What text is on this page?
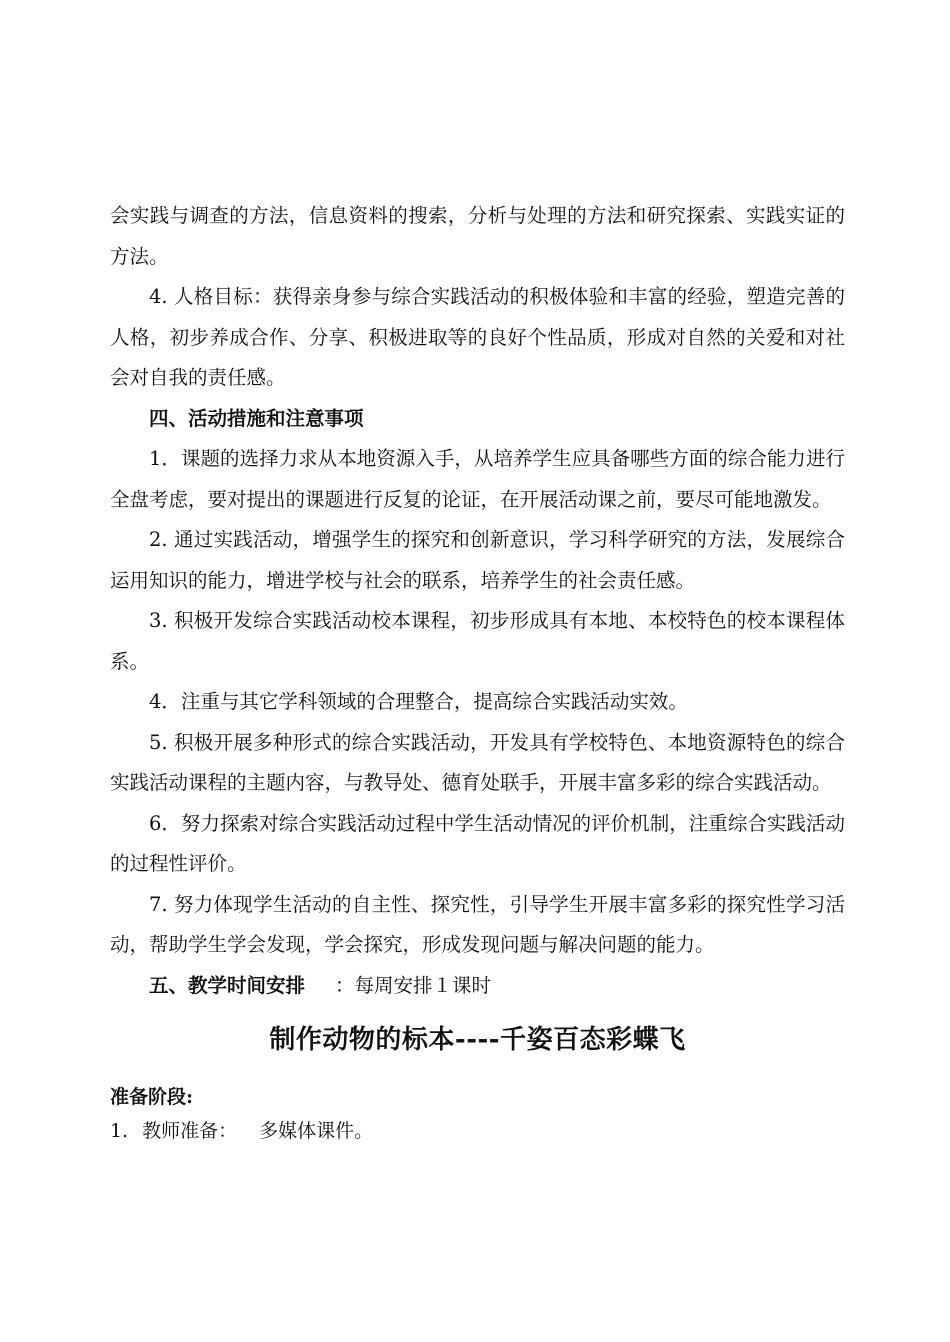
会实践与调查的方法，信息资料的搜索，分析与处理的方法和研究探索、实践实证的方法。

4. 人格目标：获得亲身参与综合实践活动的积极体验和丰富的经验，塑造完善的人格，初步养成合作、分享、积极进取等的良好个性品质，形成对自然的关爱和对社会对自我的责任感。

四、活动措施和注意事项

1．课题的选择力求从本地资源入手，从培养学生应具备哪些方面的综合能力进行全盘考虑，要对提出的课题进行反复的论证，在开展活动课之前，要尽可能地激发。

2. 通过实践活动，增强学生的探究和创新意识，学习科学研究的方法，发展综合运用知识的能力，增进学校与社会的联系，培养学生的社会责任感。

3. 积极开发综合实践活动校本课程，初步形成具有本地、本校特色的校本课程体系。

4．注重与其它学科领域的合理整合，提高综合实践活动实效。

5. 积极开展多种形式的综合实践活动，开发具有学校特色、本地资源特色的综合实践活动课程的主题内容，与教导处、德育处联手，开展丰富多彩的综合实践活动。

6．努力探索对综合实践活动过程中学生活动情况的评价机制，注重综合实践活动的过程性评价。

7. 努力体现学生活动的自主性、探究性，引导学生开展丰富多彩的探究性学习活动，帮助学生学会发现，学会探究，形成发现问题与解决问题的能力。

五、教学时间安排 ：每周安排１课时

制作动物的标本----千姿百态彩蝶飞

准备阶段:

1. 教师准备： 多媒体课件。
